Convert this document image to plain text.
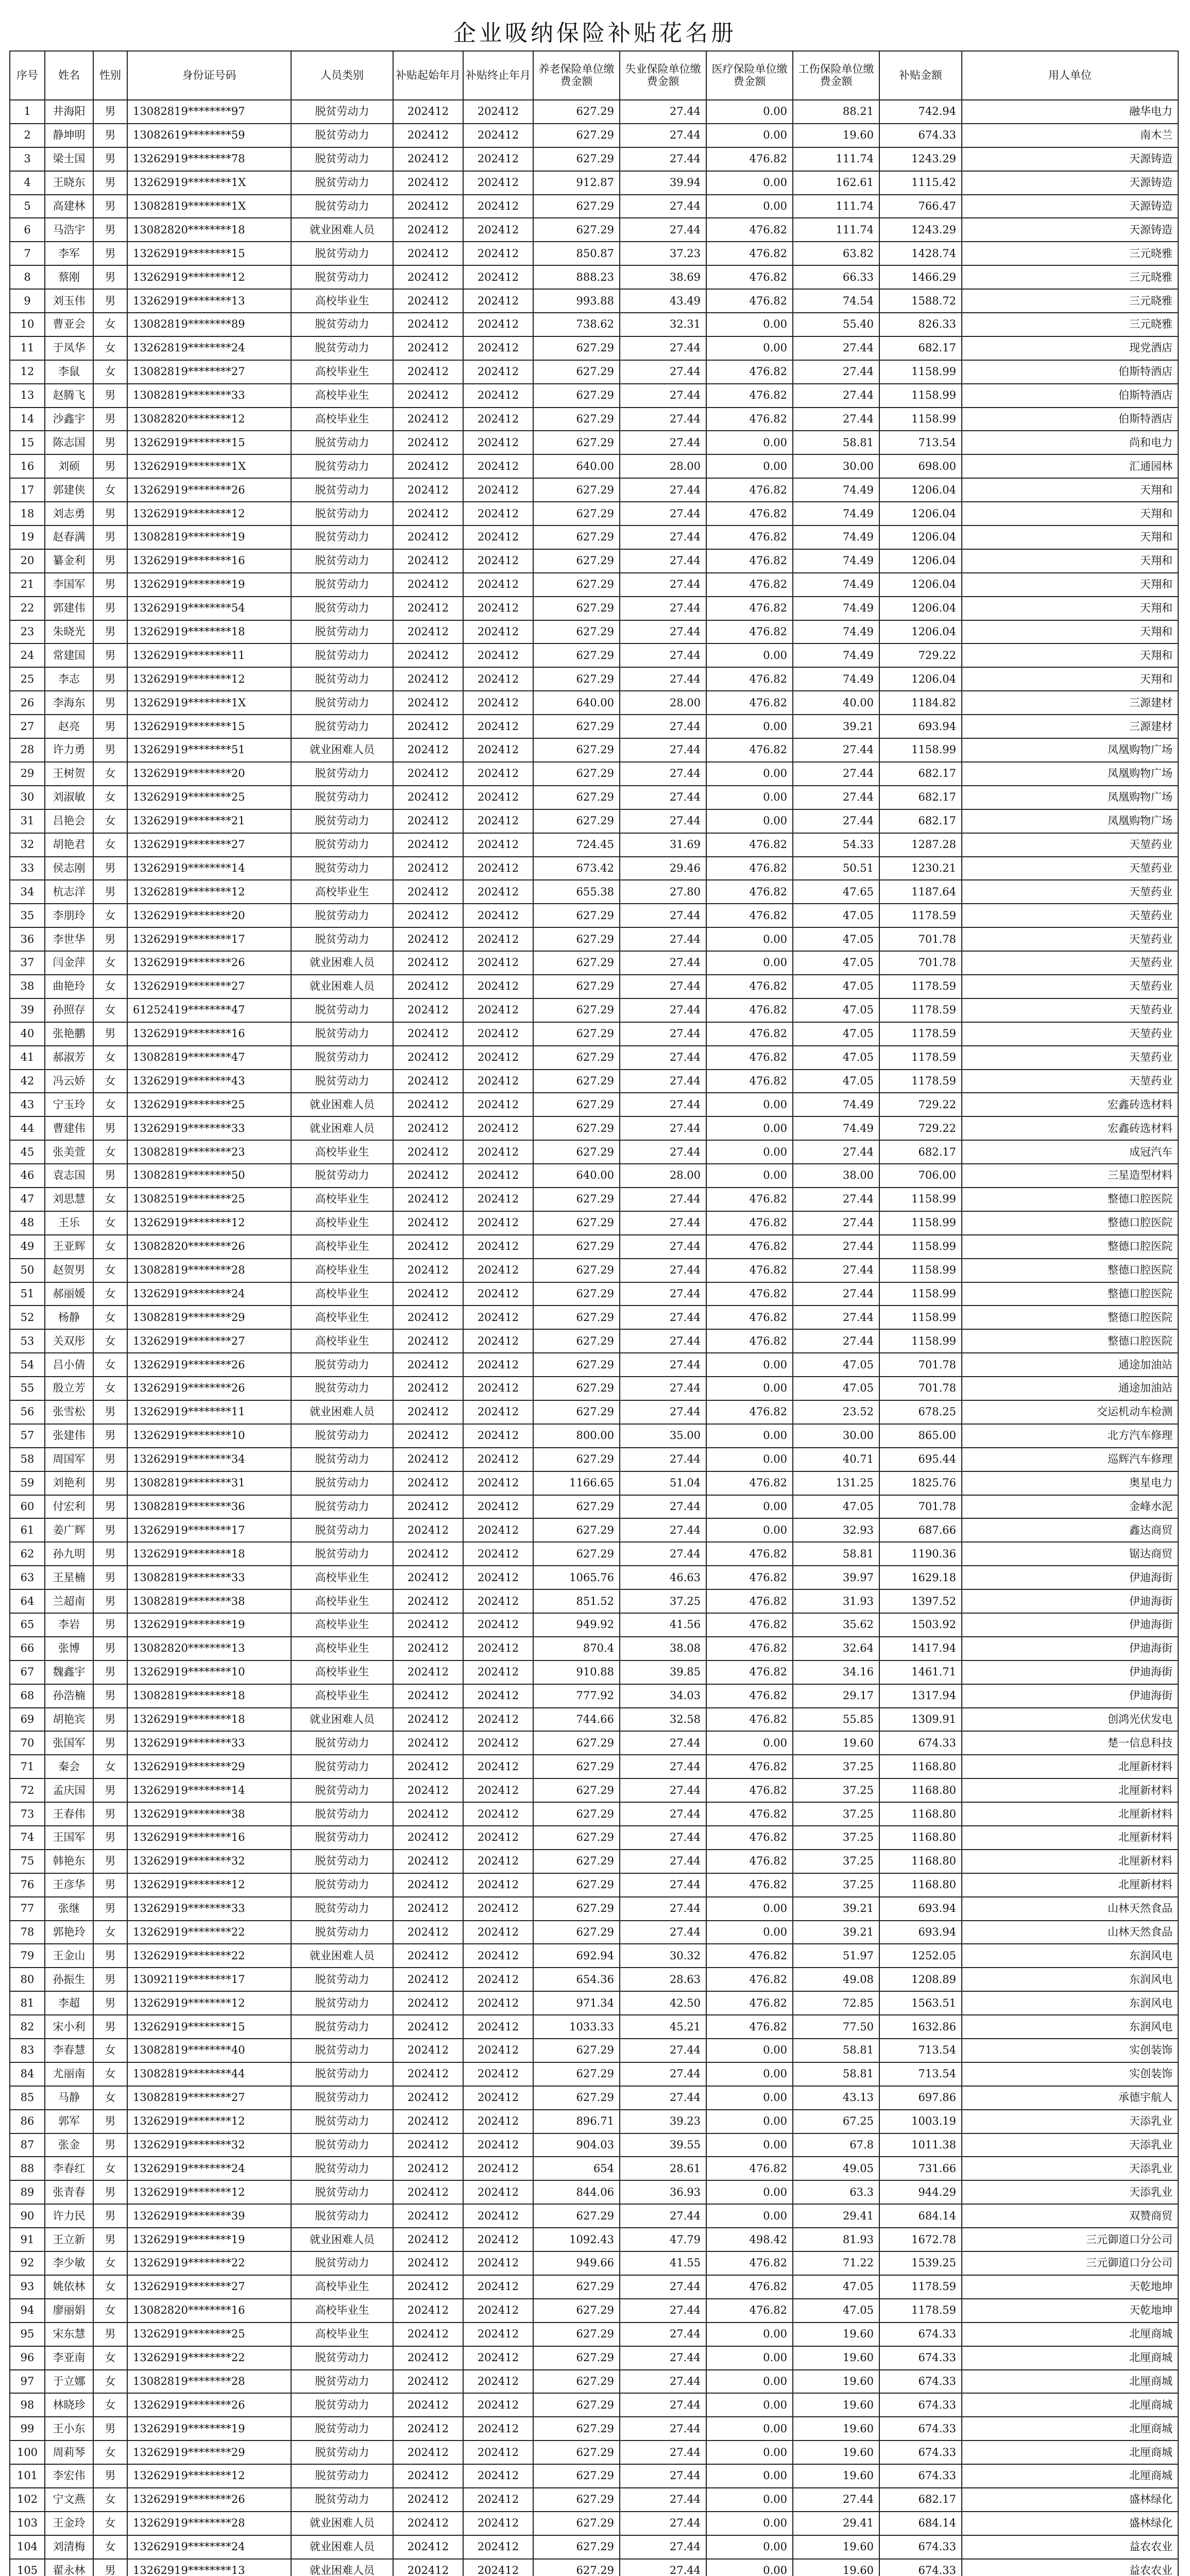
企业吸纳保险补贴花名册
序号	姓名	性别	身份证号码	人员类别	补贴起始年月	补贴终止年月	养老保险单位缴费金额	失业保险单位缴费金额	医疗保险单位缴费金额	工伤保险单位缴费金额	补贴金额	用人单位
1	井海阳	男	13082819********97	脱贫劳动力	202412	202412	627.29	27.44	0.00	88.21	742.94	融华电力
2	静坤明	男	13082619********59	脱贫劳动力	202412	202412	627.29	27.44	0.00	19.60	674.33	南木兰
3	梁士国	男	13262919********78	脱贫劳动力	202412	202412	627.29	27.44	476.82	111.74	1243.29	天源铸造
4	王晓东	男	13262919********1X	脱贫劳动力	202412	202412	912.87	39.94	0.00	162.61	1115.42	天源铸造
5	高建林	男	13082819********1X	脱贫劳动力	202412	202412	627.29	27.44	0.00	111.74	766.47	天源铸造
6	马浩宇	男	13082820********18	就业困难人员	202412	202412	627.29	27.44	476.82	111.74	1243.29	天源铸造
7	李军	男	13262919********15	脱贫劳动力	202412	202412	850.87	37.23	476.82	63.82	1428.74	三元晓雅
8	蔡刚	男	13262919********12	脱贫劳动力	202412	202412	888.23	38.69	476.82	66.33	1466.29	三元晓雅
9	刘玉伟	男	13262919********13	高校毕业生	202412	202412	993.88	43.49	476.82	74.54	1588.72	三元晓雅
10	曹亚会	女	13082819********89	脱贫劳动力	202412	202412	738.62	32.31	0.00	55.40	826.33	三元晓雅
11	于凤华	女	13262819********24	脱贫劳动力	202412	202412	627.29	27.44	0.00	27.44	682.17	现党酒店
12	李鼠	女	13082819********27	高校毕业生	202412	202412	627.29	27.44	476.82	27.44	1158.99	伯斯特酒店
13	赵腾飞	男	13082819********33	高校毕业生	202412	202412	627.29	27.44	476.82	27.44	1158.99	伯斯特酒店
14	沙鑫宇	男	13082820********12	高校毕业生	202412	202412	627.29	27.44	476.82	27.44	1158.99	伯斯特酒店
15	陈志国	男	13262919********15	脱贫劳动力	202412	202412	627.29	27.44	0.00	58.81	713.54	尚和电力
16	刘硕	男	13262919********1X	脱贫劳动力	202412	202412	640.00	28.00	0.00	30.00	698.00	汇通园林
17	郭建侠	女	13262919********26	脱贫劳动力	202412	202412	627.29	27.44	476.82	74.49	1206.04	天翔和
18	刘志勇	男	13262919********12	脱贫劳动力	202412	202412	627.29	27.44	476.82	74.49	1206.04	天翔和
19	赵春满	男	13082819********19	脱贫劳动力	202412	202412	627.29	27.44	476.82	74.49	1206.04	天翔和
20	纂金利	男	13262919********16	脱贫劳动力	202412	202412	627.29	27.44	476.82	74.49	1206.04	天翔和
21	李国军	男	13262919********19	脱贫劳动力	202412	202412	627.29	27.44	476.82	74.49	1206.04	天翔和
22	郭建伟	男	13262919********54	脱贫劳动力	202412	202412	627.29	27.44	476.82	74.49	1206.04	天翔和
23	朱晓光	男	13262919********18	脱贫劳动力	202412	202412	627.29	27.44	476.82	74.49	1206.04	天翔和
24	常建国	男	13262919********11	脱贫劳动力	202412	202412	627.29	27.44	0.00	74.49	729.22	天翔和
25	李志	男	13262919********12	脱贫劳动力	202412	202412	627.29	27.44	476.82	74.49	1206.04	天翔和
26	李海东	男	13262919********1X	脱贫劳动力	202412	202412	640.00	28.00	476.82	40.00	1184.82	三源建材
27	赵亮	男	13262919********15	脱贫劳动力	202412	202412	627.29	27.44	0.00	39.21	693.94	三源建材
28	许力勇	男	13262919********51	就业困难人员	202412	202412	627.29	27.44	476.82	27.44	1158.99	凤凰购物广场
29	王树贺	女	13262919********20	脱贫劳动力	202412	202412	627.29	27.44	0.00	27.44	682.17	凤凰购物广场
30	刘淑敏	女	13262919********25	脱贫劳动力	202412	202412	627.29	27.44	0.00	27.44	682.17	凤凰购物广场
31	吕艳会	女	13262919********21	脱贫劳动力	202412	202412	627.29	27.44	0.00	27.44	682.17	凤凰购物广场
32	胡艳君	女	13262919********27	脱贫劳动力	202412	202412	724.45	31.69	476.82	54.33	1287.28	天堃药业
33	侯志刚	男	13262919********14	脱贫劳动力	202412	202412	673.42	29.46	476.82	50.51	1230.21	天堃药业
34	杭志洋	男	13262819********12	高校毕业生	202412	202412	655.38	27.80	476.82	47.65	1187.64	天堃药业
35	李朋玲	女	13262919********20	脱贫劳动力	202412	202412	627.29	27.44	476.82	47.05	1178.59	天堃药业
36	李世华	男	13262919********17	脱贫劳动力	202412	202412	627.29	27.44	0.00	47.05	701.78	天堃药业
37	闫金萍	女	13262919********26	就业困难人员	202412	202412	627.29	27.44	0.00	47.05	701.78	天堃药业
38	曲艳玲	女	13262919********27	就业困难人员	202412	202412	627.29	27.44	476.82	47.05	1178.59	天堃药业
39	孙照存	女	61252419********47	脱贫劳动力	202412	202412	627.29	27.44	476.82	47.05	1178.59	天堃药业
40	张艳鹏	男	13262919********16	脱贫劳动力	202412	202412	627.29	27.44	476.82	47.05	1178.59	天堃药业
41	郝淑芳	女	13082819********47	脱贫劳动力	202412	202412	627.29	27.44	476.82	47.05	1178.59	天堃药业
42	冯云娇	女	13262919********43	脱贫劳动力	202412	202412	627.29	27.44	476.82	47.05	1178.59	天堃药业
43	宁玉玲	女	13262919********25	就业困难人员	202412	202412	627.29	27.44	0.00	74.49	729.22	宏鑫砖选材料
44	曹建伟	男	13262919********33	就业困难人员	202412	202412	627.29	27.44	0.00	74.49	729.22	宏鑫砖选材料
45	张美萱	女	13082819********23	高校毕业生	202412	202412	627.29	27.44	0.00	27.44	682.17	成冠汽车
46	袁志国	男	13082819********50	脱贫劳动力	202412	202412	640.00	28.00	0.00	38.00	706.00	三星造型材料
47	刘思慧	女	13082519********25	高校毕业生	202412	202412	627.29	27.44	476.82	27.44	1158.99	整德口腔医院
48	王乐	女	13262919********12	高校毕业生	202412	202412	627.29	27.44	476.82	27.44	1158.99	整德口腔医院
49	王亚辉	女	13082820********26	高校毕业生	202412	202412	627.29	27.44	476.82	27.44	1158.99	整德口腔医院
50	赵贺男	女	13082819********28	高校毕业生	202412	202412	627.29	27.44	476.82	27.44	1158.99	整德口腔医院
51	郝丽媛	女	13262919********24	高校毕业生	202412	202412	627.29	27.44	476.82	27.44	1158.99	整德口腔医院
52	杨静	女	13082819********29	高校毕业生	202412	202412	627.29	27.44	476.82	27.44	1158.99	整德口腔医院
53	关双彤	女	13262919********27	高校毕业生	202412	202412	627.29	27.44	476.82	27.44	1158.99	整德口腔医院
54	吕小倩	女	13262919********26	脱贫劳动力	202412	202412	627.29	27.44	0.00	47.05	701.78	通途加油站
55	殷立芳	女	13262919********26	脱贫劳动力	202412	202412	627.29	27.44	0.00	47.05	701.78	通途加油站
56	张雪松	男	13262919********11	就业困难人员	202412	202412	627.29	27.44	476.82	23.52	678.25	交运机动车检测
57	张建伟	男	13262919********10	脱贫劳动力	202412	202412	800.00	35.00	0.00	30.00	865.00	北方汽车修理
58	周国军	男	13262919********34	脱贫劳动力	202412	202412	627.29	27.44	0.00	40.71	695.44	巡辉汽车修理
59	刘艳利	男	13082819********31	脱贫劳动力	202412	202412	1166.65	51.04	476.82	131.25	1825.76	奥星电力
60	付宏利	男	13082819********36	脱贫劳动力	202412	202412	627.29	27.44	0.00	47.05	701.78	金峰水泥
61	姜广辉	男	13262919********17	脱贫劳动力	202412	202412	627.29	27.44	0.00	32.93	687.66	鑫达商贸
62	孙九明	男	13262919********18	脱贫劳动力	202412	202412	627.29	27.44	476.82	58.81	1190.36	锯达商贸
63	王星楠	男	13082819********33	高校毕业生	202412	202412	1065.76	46.63	476.82	39.97	1629.18	伊迪海街
64	兰超南	男	13082819********38	高校毕业生	202412	202412	851.52	37.25	476.82	31.93	1397.52	伊迪海街
65	李岩	男	13262919********19	高校毕业生	202412	202412	949.92	41.56	476.82	35.62	1503.92	伊迪海街
66	张博	男	13082820********13	高校毕业生	202412	202412	870.4	38.08	476.82	32.64	1417.94	伊迪海街
67	魏鑫宇	男	13262919********10	高校毕业生	202412	202412	910.88	39.85	476.82	34.16	1461.71	伊迪海街
68	孙浩楠	男	13082819********18	高校毕业生	202412	202412	777.92	34.03	476.82	29.17	1317.94	伊迪海街
69	胡艳宾	男	13262919********18	就业困难人员	202412	202412	744.66	32.58	476.82	55.85	1309.91	创鸿光伏发电
70	张国军	男	13262919********33	脱贫劳动力	202412	202412	627.29	27.44	0.00	19.60	674.33	楚一信息科技
71	秦会	女	13262919********29	脱贫劳动力	202412	202412	627.29	27.44	476.82	37.25	1168.80	北厘新材料
72	孟庆国	男	13262919********14	脱贫劳动力	202412	202412	627.29	27.44	476.82	37.25	1168.80	北厘新材料
73	王春伟	男	13262919********38	脱贫劳动力	202412	202412	627.29	27.44	476.82	37.25	1168.80	北厘新材料
74	王国军	男	13262919********16	脱贫劳动力	202412	202412	627.29	27.44	476.82	37.25	1168.80	北厘新材料
75	韩艳东	男	13262919********32	脱贫劳动力	202412	202412	627.29	27.44	476.82	37.25	1168.80	北厘新材料
76	王彦华	男	13262919********12	脱贫劳动力	202412	202412	627.29	27.44	476.82	37.25	1168.80	北厘新材料
77	张继	男	13262919********33	脱贫劳动力	202412	202412	627.29	27.44	0.00	39.21	693.94	山林天然食品
78	郭艳玲	女	13262919********22	脱贫劳动力	202412	202412	627.29	27.44	0.00	39.21	693.94	山林天然食品
79	王金山	男	13262919********22	就业困难人员	202412	202412	692.94	30.32	476.82	51.97	1252.05	东润风电
80	孙振生	男	13092119********17	脱贫劳动力	202412	202412	654.36	28.63	476.82	49.08	1208.89	东润风电
81	李超	男	13262919********12	脱贫劳动力	202412	202412	971.34	42.50	476.82	72.85	1563.51	东润风电
82	宋小利	男	13262919********15	脱贫劳动力	202412	202412	1033.33	45.21	476.82	77.50	1632.86	东润风电
83	李春慧	女	13082819********40	脱贫劳动力	202412	202412	627.29	27.44	0.00	58.81	713.54	实创装饰
84	尤丽南	女	13082819********44	脱贫劳动力	202412	202412	627.29	27.44	0.00	58.81	713.54	实创装饰
85	马静	女	13082819********27	脱贫劳动力	202412	202412	627.29	27.44	0.00	43.13	697.86	承德宇航人
86	郭军	男	13262919********12	脱贫劳动力	202412	202412	896.71	39.23	0.00	67.25	1003.19	天添乳业
87	张金	男	13262919********32	脱贫劳动力	202412	202412	904.03	39.55	0.00	67.8	1011.38	天添乳业
88	李春红	女	13262919********24	脱贫劳动力	202412	202412	654	28.61	476.82	49.05	731.66	天添乳业
89	张青春	男	13262919********12	脱贫劳动力	202412	202412	844.06	36.93	0.00	63.3	944.29	天添乳业
90	许力民	男	13262919********39	脱贫劳动力	202412	202412	627.29	27.44	0.00	29.41	684.14	双赞商贸
91	王立新	男	13262919********19	就业困难人员	202412	202412	1092.43	47.79	498.42	81.93	1672.78	三元御道口分公司
92	李少敏	女	13262919********22	脱贫劳动力	202412	202412	949.66	41.55	476.82	71.22	1539.25	三元御道口分公司
93	姚依林	女	13262919********27	高校毕业生	202412	202412	627.29	27.44	476.82	47.05	1178.59	天乾地坤
94	廖丽娟	女	13082820********16	高校毕业生	202412	202412	627.29	27.44	476.82	47.05	1178.59	天乾地坤
95	宋东慧	男	13262919********25	高校毕业生	202412	202412	627.29	27.44	0.00	19.60	674.33	北厘商城
96	李亚南	女	13262919********22	脱贫劳动力	202412	202412	627.29	27.44	0.00	19.60	674.33	北厘商城
97	于立娜	女	13082819********28	脱贫劳动力	202412	202412	627.29	27.44	0.00	19.60	674.33	北厘商城
98	林晓珍	女	13262919********26	脱贫劳动力	202412	202412	627.29	27.44	0.00	19.60	674.33	北厘商城
99	王小东	男	13262919********19	脱贫劳动力	202412	202412	627.29	27.44	0.00	19.60	674.33	北厘商城
100	周莉琴	女	13262919********29	脱贫劳动力	202412	202412	627.29	27.44	0.00	19.60	674.33	北厘商城
101	李宏伟	男	13262919********12	脱贫劳动力	202412	202412	627.29	27.44	0.00	19.60	674.33	北厘商城
102	宁文燕	女	13262919********26	脱贫劳动力	202412	202412	627.29	27.44	0.00	27.44	682.17	盛林绿化
103	王金玲	女	13262919********28	就业困难人员	202412	202412	627.29	27.44	0.00	29.41	684.14	盛林绿化
104	刘清梅	女	13262919********24	就业困难人员	202412	202412	627.29	27.44	0.00	19.60	674.33	益农农业
105	翟永林	男	13262919********13	就业困难人员	202412	202412	627.29	27.44	0.00	19.60	674.33	益农农业
